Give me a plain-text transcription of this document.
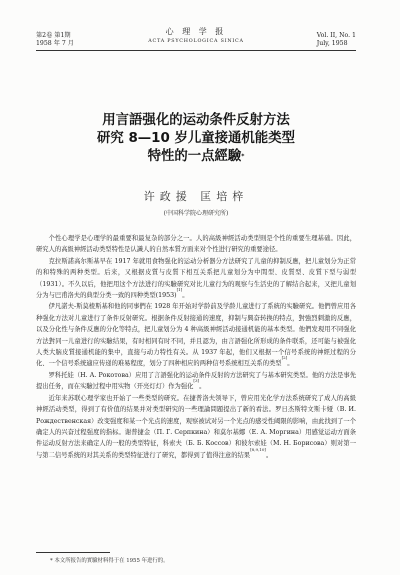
第2卷 第1期
1958 年 7 月
心 理 学 报
ACTA PSYCHOLOGICA SINICA
Vol. II, No. 1
July, 1958
用言語强化的运动条件反射方法
研究 8—10 岁儿童接通机能类型
特性的一点經驗*
许政援 匡培梓
(中国科学院心理研究所)

个性心理学是心理学的最重要和最复杂的部分之一。人的高級神經活动类型則是个性的重要生理基础。因此，研究人的高級神經活动类型特性是认識人的自然本質方面来对个性进行研究的重要途径。

克拉斯諾高尔斯基早在 1917 年就用食物强化的运动分析器分方法研究了儿童的抑制反應，把儿童划分为正常的和特殊的两种类型。后来，又根据皮質与皮質下相互关系把儿童划分为中間型、皮質型、皮質下型与弱型（1931）。不久以后，他把用这个方法进行的实驗研究对比儿童行为的观察与生活史的了解结合起来，又把儿童划分为与巴甫洛夫的典型分类一致的四种类型(1953)[1]。

伊凡諾夫-斯莫棱斯基和他的同事們在 1928 年开始对学龄前及学龄儿童进行了系統的实驗研究。他們曾应用各种强化方法对儿童进行了条件反射研究。根据条件反射接通的速度，抑制与興奋转换的特点，對強烈刺激的反應，以及分化性与条件反應的分化等特点，把儿童划分为 4 种高級神經活动接通机能的基本类型。他們发現用不同强化方法對同一儿童进行的实驗结果，有时相同有时不同，并且認为，由言語强化所形成的条件联系，还可能与被强化人类大脑皮質接通机能的集中，直接与动力特性有关。从 1937 年起，他们又根据一个信号系统的神經过程的分化、一个信号系统適应传递的难易程度，划分了四种相应的两种信号系统相互关系的类型[2]。

罗科托娃（Н. А. Рокотова）应用了言語强化的运动条件反射的方法研究了与基本研究类型。他的方法是事先提出任务，而在实驗过程中用实物（开亮灯灯）作为强化[3]。

近年来苏联心理学家也开始了一些类型的研究。在捷普洛夫领导下，曾应用光化学方法系统研究了成人的高級神經活动类型，得到了有价值的结果并对类型研究的一些理論問題提出了新的看法。罗日杰斯特文斯卡娅（В. И. Рождественская）改变强度和某一个光点的速度，观察被试对另一个光点的感受性阈限的影响，由此找到了一个确定人的兴奋过程强度的指标。谢普捷金（П. Г. Серпкина）和莫尔基娜（Е. А. Моргина）用感觉运动方面条件运动反射方法来确定人的一般的类型特征，科索夫（Б. Б. Коссов）和彼尔索娃（М. Н. Борисова）则对第一与第二信号系统的对其关系的类型特征进行了研究，都得到了值得注意的结果[8,9,10]。

* 本文所报告的實驗材料得于在 1955 年进行的。
